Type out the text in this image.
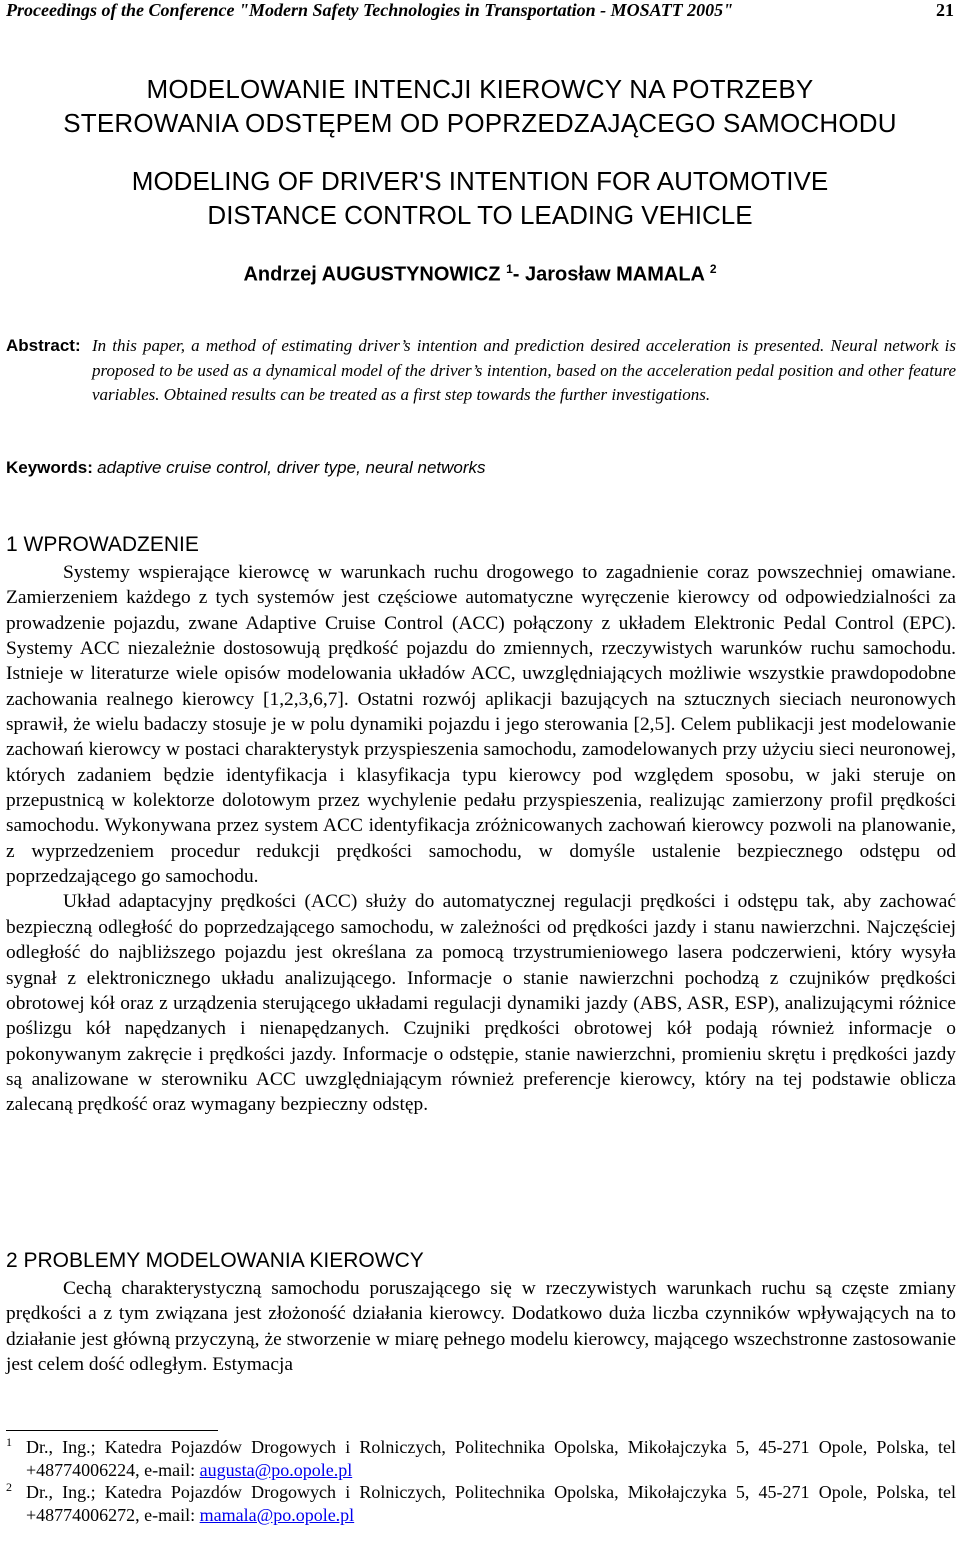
Proceedings of the Conference "Modern Safety Technologies in Transportation - MOSATT 2005"	21
MODELOWANIE INTENCJI KIEROWCY NA POTRZEBY
STEROWANIA ODSTĘPEM OD POPRZEDZAJĄCEGO SAMOCHODU
MODELING OF DRIVER'S INTENTION FOR AUTOMOTIVE
DISTANCE CONTROL TO LEADING VEHICLE
Andrzej AUGUSTYNOWICZ $^1$- Jarosław MAMALA $^2$
Abstract: In this paper, a method of estimating driver’s intention and prediction desired acceleration is presented. Neural network is proposed to be used as a dynamical model of the driver’s intention, based on the acceleration pedal position and other feature variables. Obtained results can be treated as a first step towards the further investigations.
Keywords: adaptive cruise control, driver type, neural networks
1 WPROWADZENIE

Systemy wspierające kierowcę w warunkach ruchu drogowego to zagadnienie coraz powszechniej omawiane. Zamierzeniem każdego z tych systemów jest częściowe automatyczne wyręczenie kierowcy od odpowiedzialności za prowadzenie pojazdu, zwane Adaptive Cruise Control (ACC) połączony z układem Elektronic Pedal Control (EPC). Systemy ACC niezależnie dostosowują prędkość pojazdu do zmiennych, rzeczywistych warunków ruchu samochodu. Istnieje w literaturze wiele opisów modelowania układów ACC, uwzględniających możliwie wszystkie prawdopodobne zachowania realnego kierowcy [1,2,3,6,7]. Ostatni rozwój aplikacji bazujących na sztucznych sieciach neuronowych sprawił, że wielu badaczy stosuje je w polu dynamiki pojazdu i jego sterowania [2,5]. Celem publikacji jest modelowanie zachowań kierowcy w postaci charakterystyk przyspieszenia samochodu, zamodelowanych przy użyciu sieci neuronowej, których zadaniem będzie identyfikacja i klasyfikacja typu kierowcy pod względem sposobu, w jaki steruje on przepustnicą w kolektorze dolotowym przez wychylenie pedału przyspieszenia, realizując zamierzony profil prędkości samochodu. Wykonywana przez system ACC identyfikacja zróżnicowanych zachowań kierowcy pozwoli na planowanie, z wyprzedzeniem procedur redukcji prędkości samochodu, w domyśle ustalenie bezpiecznego odstępu od poprzedzającego go samochodu.

Układ adaptacyjny prędkości (ACC) służy do automatycznej regulacji prędkości i odstępu tak, aby zachować bezpieczną odległość do poprzedzającego samochodu, w zależności od prędkości jazdy i stanu nawierzchni. Najczęściej odległość do najbliższego pojazdu jest określana za pomocą trzystrumieniowego lasera podczerwieni, który wysyła sygnał z elektronicznego układu analizującego. Informacje o stanie nawierzchni pochodzą z czujników prędkości obrotowej kół oraz z urządzenia sterującego układami regulacji dynamiki jazdy (ABS, ASR, ESP), analizującymi różnice poślizgu kół napędzanych i nienapędzanych. Czujniki prędkości obrotowej kół podają również informacje o pokonywanym zakręcie i prędkości jazdy. Informacje o odstępie, stanie nawierzchni, promieniu skrętu i prędkości jazdy są analizowane w sterowniku ACC uwzględniającym również preferencje kierowcy, który na tej podstawie oblicza zalecaną prędkość oraz wymagany bezpieczny odstęp.

2 PROBLEMY MODELOWANIA KIEROWCY

Cechą charakterystyczną samochodu poruszającego się w rzeczywistych warunkach ruchu są częste zmiany prędkości a z tym związana jest złożoność działania kierowcy. Dodatkowo duża liczba czynników wpływających na to działanie jest główną przyczyną, że stworzenie w miarę pełnego modelu kierowcy, mającego wszechstronne zastosowanie jest celem dość odległym. Estymacja

1 Dr., Ing.; Katedra Pojazdów Drogowych i Rolniczych, Politechnika Opolska, Mikołajczyka 5, 45-271 Opole, Polska, tel +48774006224, e-mail: augusta@po.opole.pl
2 Dr., Ing.; Katedra Pojazdów Drogowych i Rolniczych, Politechnika Opolska, Mikołajczyka 5, 45-271 Opole, Polska, tel +48774006272, e-mail: mamala@po.opole.pl
